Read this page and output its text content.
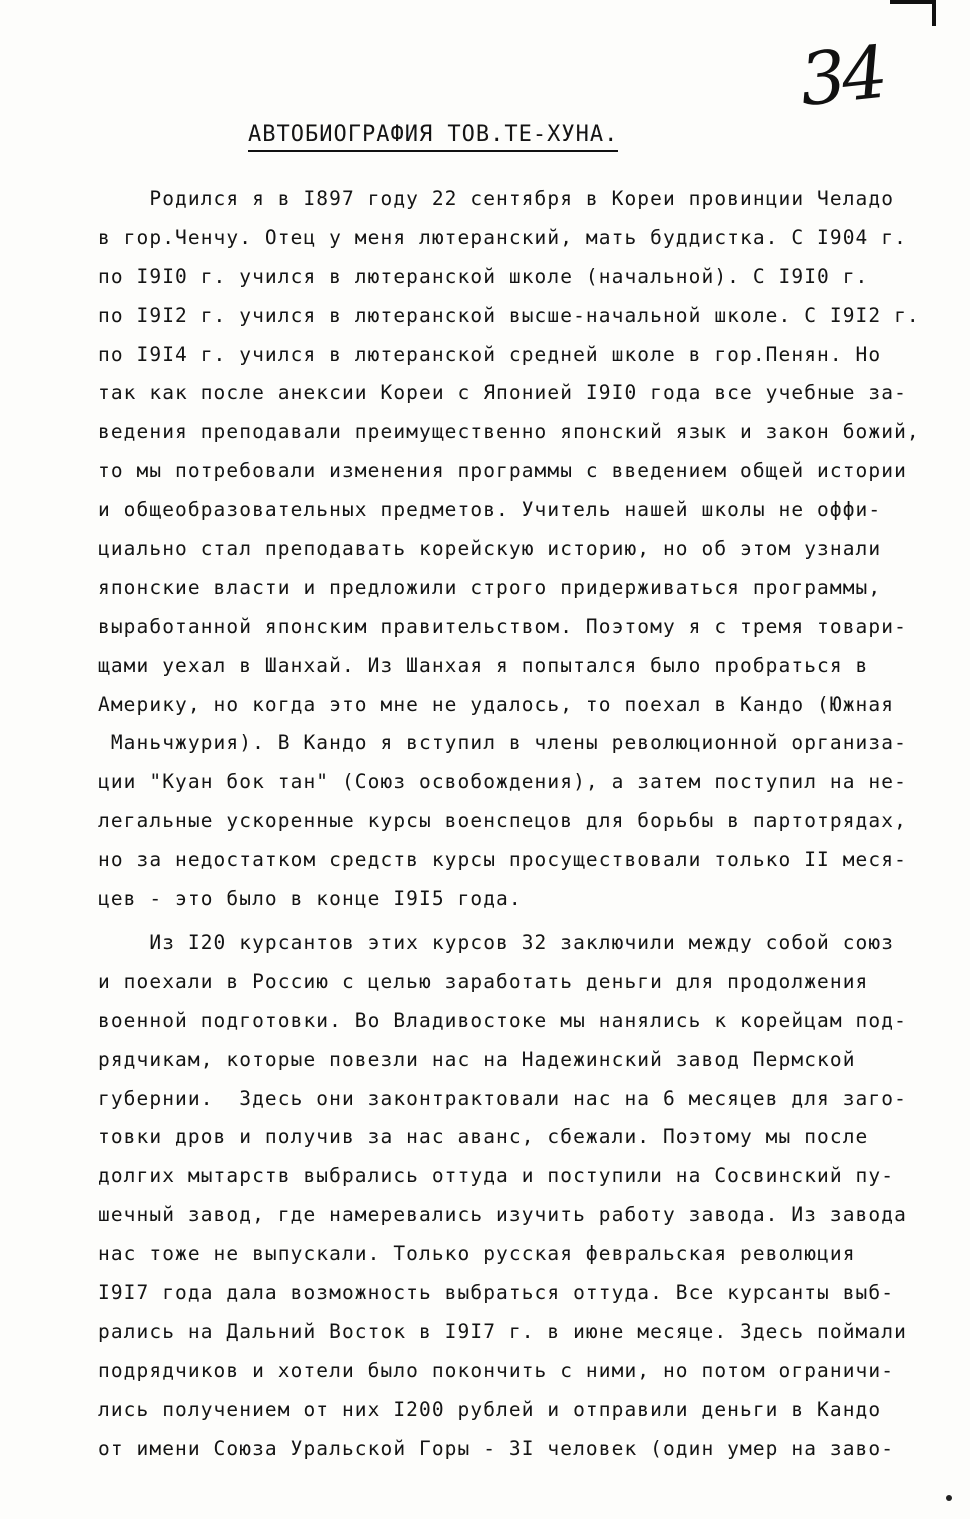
34
АВТОБИОГРАФИЯ ТОВ.ТЕ-ХУНА.
Родился я в I897 году 22 сентября в Кореи провинции Челадо
в гор.Ченчу. Отец у меня лютеранский, мать буддистка. С I904 г.
по I9I0 г. учился в лютеранской школе (начальной). С I9I0 г.
по I9I2 г. учился в лютеранской высше-начальной школе. С I9I2 г.
по I9I4 г. учился в лютеранской средней школе в гор.Пенян. Но
так как после анексии Кореи с Японией I9I0 года все учебные за-
ведения преподавали преимущественно японский язык и закон божий,
то мы потребовали изменения программы с введением общей истории
и общеобразовательных предметов. Учитель нашей школы не оффи-
циально стал преподавать корейскую историю, но об этом узнали
японские власти и предложили строго придерживаться программы,
выработанной японским правительством. Поэтому я с тремя товари-
щами уехал в Шанхай. Из Шанхая я попытался было пробраться в
Америку, но когда это мне не удалось, то поехал в Кандо (Южная
Маньчжурия). В Кандо я вступил в члены революционной организа-
ции "Куан бок тан" (Союз освобождения), а затем поступил на не-
легальные ускоренные курсы военспецов для борьбы в партотрядах,
но за недостатком средств курсы просуществовали только II меся-
цев - это было в конце I9I5 года.
Из I20 курсантов этих курсов 32 заключили между собой союз
и поехали в Россию с целью заработать деньги для продолжения
военной подготовки. Во Владивостоке мы нанялись к корейцам под-
рядчикам, которые повезли нас на Надежинский завод Пермской
губернии.  Здесь они законтрактовали нас на 6 месяцев для заго-
товки дров и получив за нас аванс, сбежали. Поэтому мы после
долгих мытарств выбрались оттуда и поступили на Сосвинский пу-
шечный завод, где намеревались изучить работу завода. Из завода
нас тоже не выпускали. Только русская февральская революция
I9I7 года дала возможность выбраться оттуда. Все курсанты выб-
рались на Дальний Восток в I9I7 г. в июне месяце. Здесь поймали
подрядчиков и хотели было покончить с ними, но потом ограничи-
лись получением от них I200 рублей и отправили деньги в Кандо
от имени Союза Уральской Горы - 3I человек (один умер на заво-
